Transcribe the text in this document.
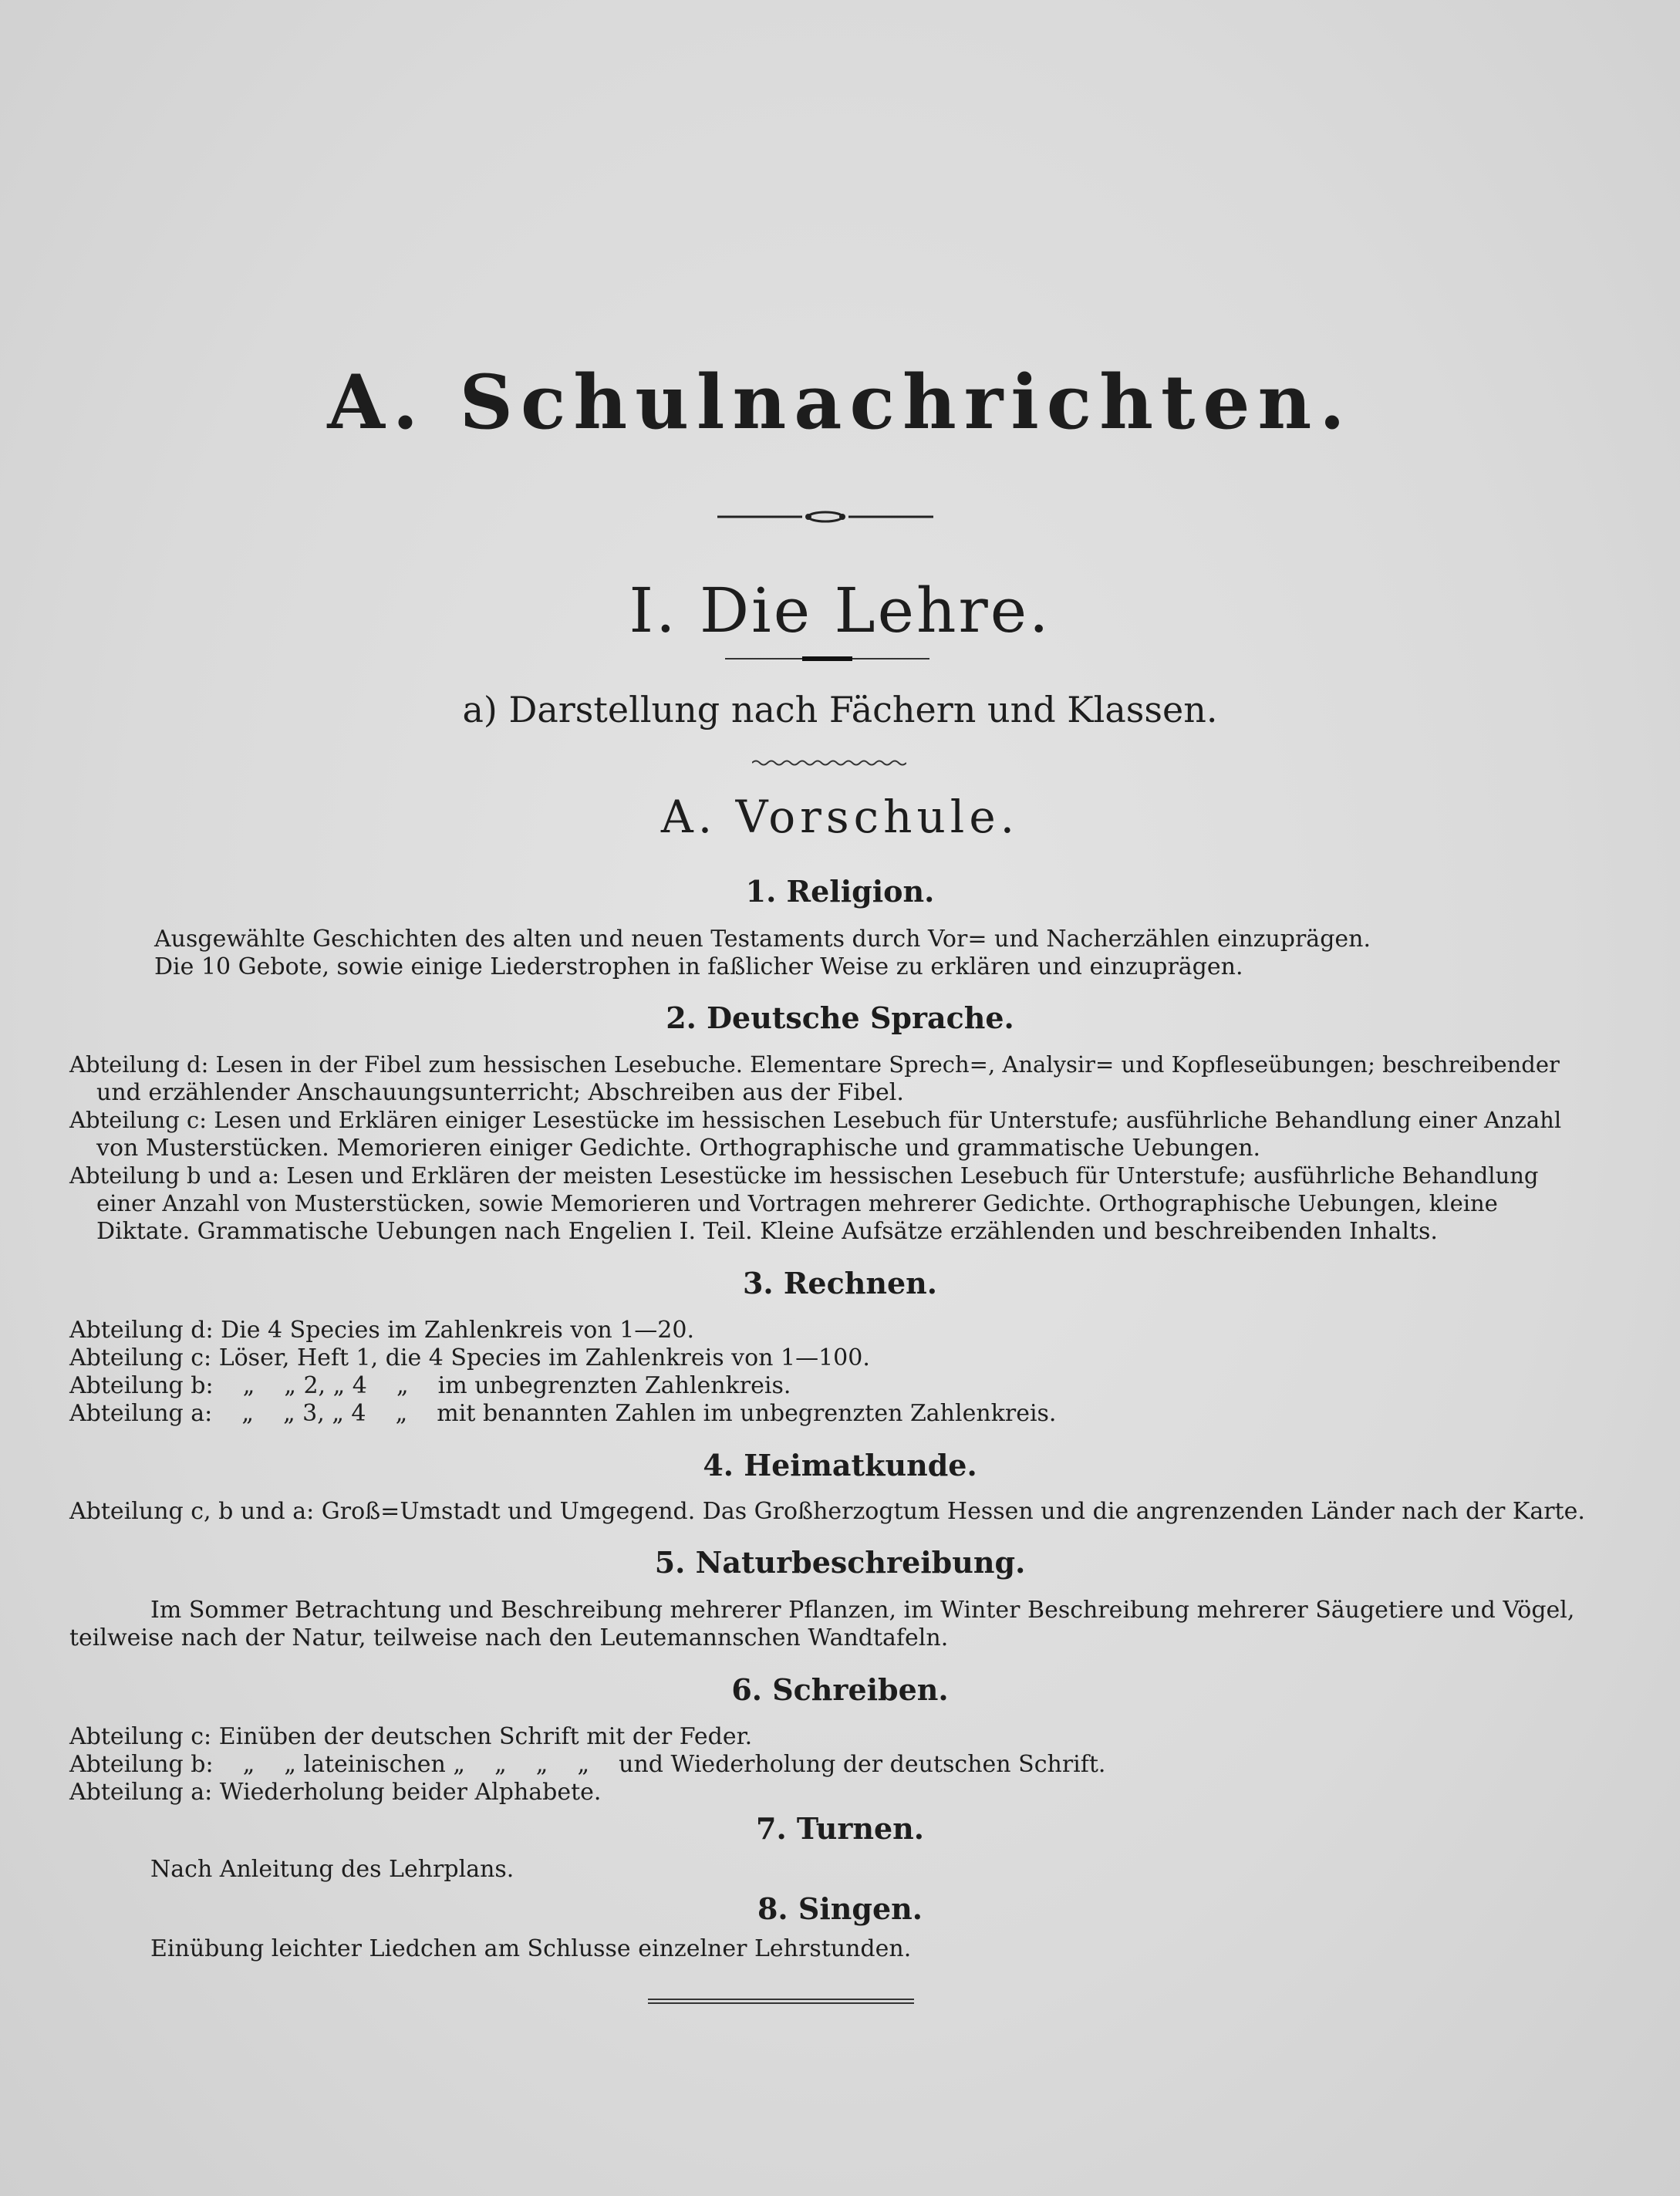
A. Schulnachrichten.
I. Die Lehre.
a) Darstellung nach Fächern und Klassen.
A. Vorschule.
1. Religion.
Ausgewählte Geschichten des alten und neuen Testaments durch Vor= und Nacherzählen einzuprägen.
Die 10 Gebote, sowie einige Liederstrophen in faßlicher Weise zu erklären und einzuprägen.
2. Deutsche Sprache.
Abteilung d: Lesen in der Fibel zum hessischen Lesebuche. Elementare Sprech=, Analysir= und Kopfleseübungen; beschreibender
und erzählender Anschauungsunterricht; Abschreiben aus der Fibel.
Abteilung c: Lesen und Erklären einiger Lesestücke im hessischen Lesebuch für Unterstufe; ausführliche Behandlung einer Anzahl
von Musterstücken. Memorieren einiger Gedichte. Orthographische und grammatische Uebungen.
Abteilung b und a: Lesen und Erklären der meisten Lesestücke im hessischen Lesebuch für Unterstufe; ausführliche Behandlung
einer Anzahl von Musterstücken, sowie Memorieren und Vortragen mehrerer Gedichte. Orthographische Uebungen, kleine
Diktate. Grammatische Uebungen nach Engelien I. Teil. Kleine Aufsätze erzählenden und beschreibenden Inhalts.
3. Rechnen.
Abteilung d: Die 4 Species im Zahlenkreis von 1—20.
Abteilung c: Löser, Heft 1, die 4 Species im Zahlenkreis von 1—100.
Abteilung b:    „    „ 2, „ 4    „    im unbegrenzten Zahlenkreis.
Abteilung a:    „    „ 3, „ 4    „    mit benannten Zahlen im unbegrenzten Zahlenkreis.
4. Heimatkunde.
Abteilung c, b und a: Groß=Umstadt und Umgegend. Das Großherzogtum Hessen und die angrenzenden Länder nach der Karte.
5. Naturbeschreibung.
Im Sommer Betrachtung und Beschreibung mehrerer Pflanzen, im Winter Beschreibung mehrerer Säugetiere und Vögel,
teilweise nach der Natur, teilweise nach den Leutemannschen Wandtafeln.
6. Schreiben.
Abteilung c: Einüben der deutschen Schrift mit der Feder.
Abteilung b:    „    „ lateinischen „    „    „    „    und Wiederholung der deutschen Schrift.
Abteilung a: Wiederholung beider Alphabete.
7. Turnen.
Nach Anleitung des Lehrplans.
8. Singen.
Einübung leichter Liedchen am Schlusse einzelner Lehrstunden.
